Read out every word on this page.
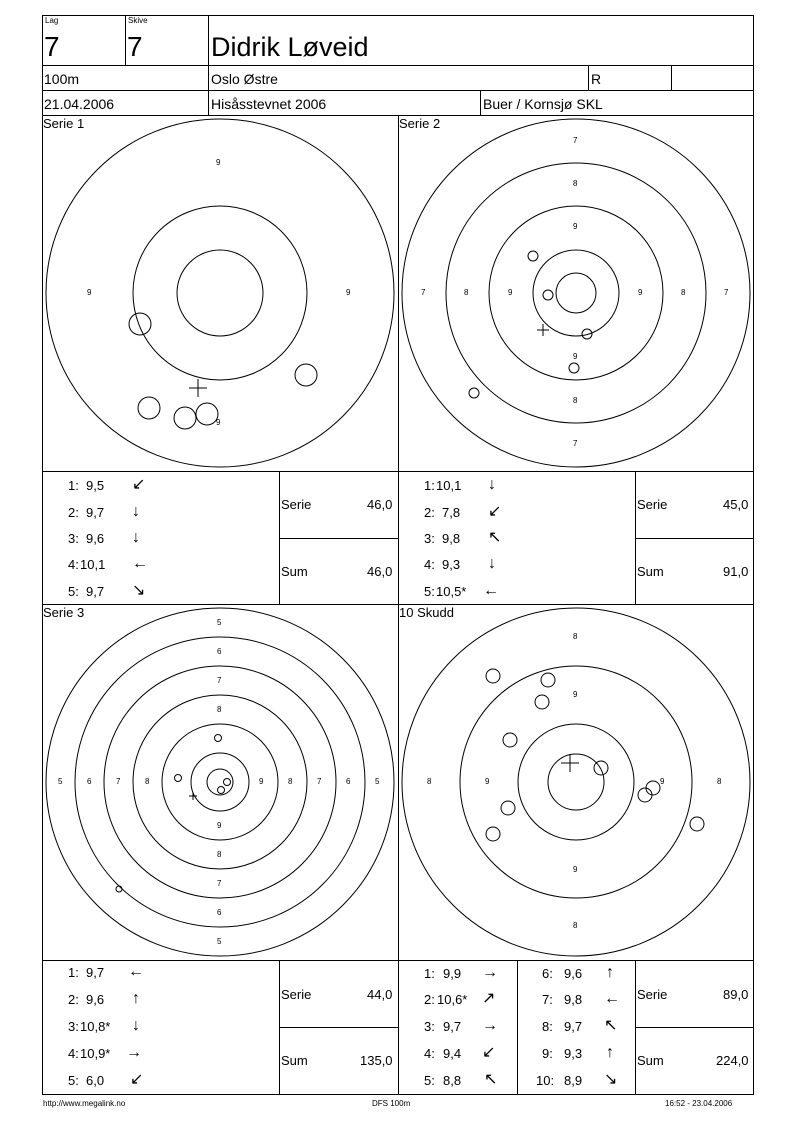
Lag
7
Skive
7	Didrik Løveid
100m	Oslo Østre	R
21.04.2006	Hisåsstevnet 2006	Buer / Kornsjø SKL
Serie 1	Serie 2
Serie 3	10 Skudd
9
9	9
9
7
8
9
9
8
7
7	8	9	9	8	7
5
6
7
8
9
8
7
6
5
5	6	7	8	9	8	7	6	5
8
9
9
8
8	9	9	8
1: 9,5 ↙
2: 9,7 ↓
3: 9,6 ↓
4: 10,1 ←
5: 9,7 ↘
Serie	46,0
Sum	46,0
1: 10,1 ↓
2: 7,8 ↙
3: 9,8 ↖
4: 9,3 ↓
5: 10,5* ←
Serie	45,0
Sum	91,0
1: 9,7 ←
2: 9,6 ↑
3: 10,8* ↓
4: 10,9* →
5: 6,0 ↙
Serie	44,0
Sum	135,0
1: 9,9 →
2: 10,6* ↗
3: 9,7 →
4: 9,4 ↙
5: 8,8 ↖
6: 9,6 ↑
7: 9,8 ←
8: 9,7 ↖
9: 9,3 ↑
10: 8,9 ↘
Serie	89,0
Sum	224,0
http://www.megalink.no	DFS 100m	16:52 - 23.04.2006
